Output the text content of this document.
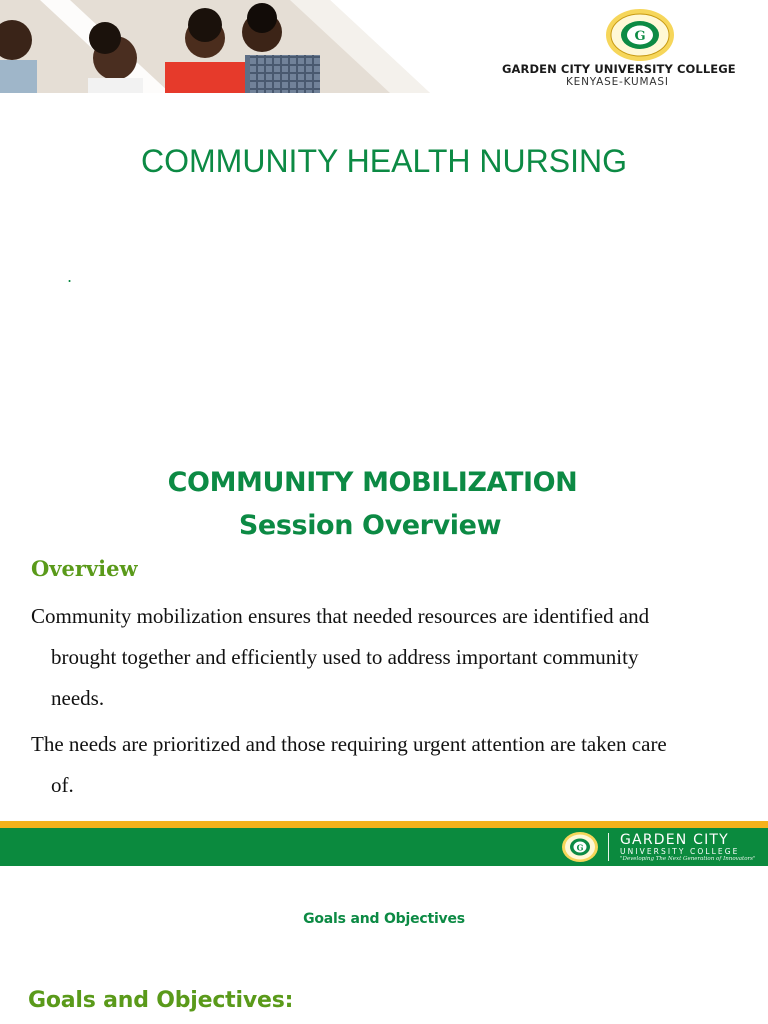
G
GARDEN CITY UNIVERSITY COLLEGE
KENYASE-KUMASI
COMMUNITY HEALTH NURSING
.
COMMUNITY MOBILIZATION
Session Overview
Overview
Community mobilization ensures that needed resources are identified and brought together and efficiently used to address important community needs.
The needs are prioritized and those requiring urgent attention are taken care of.
G	GARDEN CITY
UNIVERSITY COLLEGE
"Developing The Next Generation of Innovators"
Goals and Objectives
Goals and Objectives:
